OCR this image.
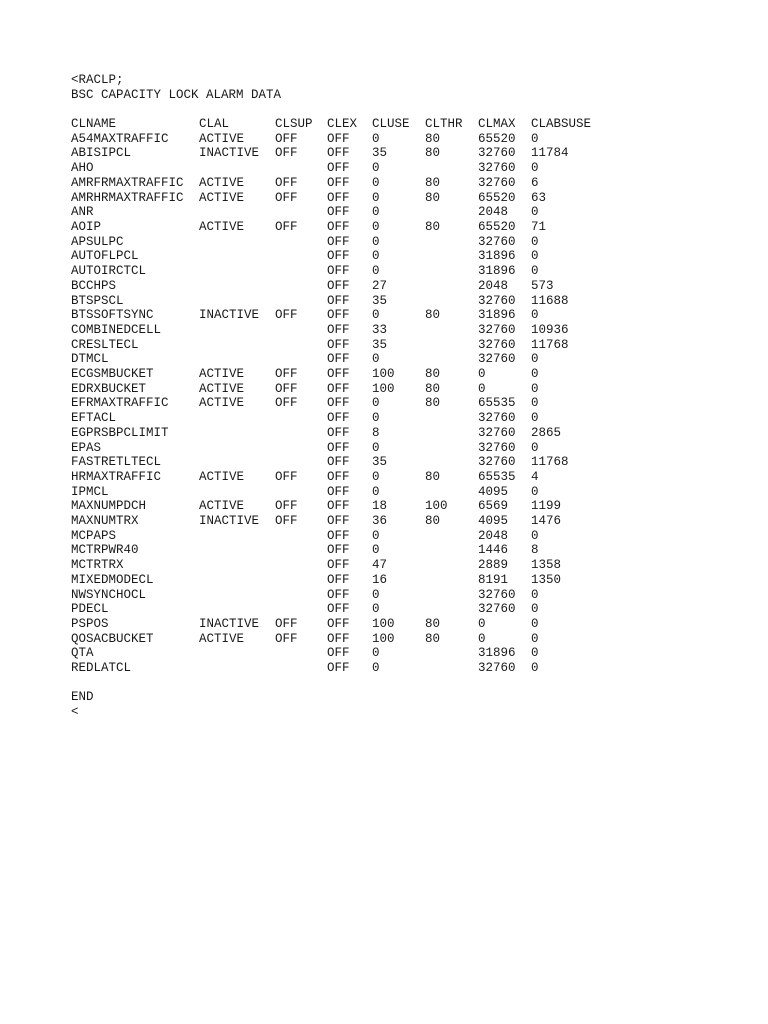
<RACLP;
BSC CAPACITY LOCK ALARM DATA
CLNAME	CLAL	CLSUP	CLEX	CLUSE	CLTHR	CLMAX	CLABSUSE
A54MAXTRAFFIC	ACTIVE	OFF	OFF	0	80	65520	0
ABISIPCL	INACTIVE	OFF	OFF	35	80	32760	11784
AHO			OFF	0		32760	0
AMRFRMAXTRAFFIC	ACTIVE	OFF	OFF	0	80	32760	6
AMRHRMAXTRAFFIC	ACTIVE	OFF	OFF	0	80	65520	63
ANR			OFF	0		2048	0
AOIP	ACTIVE	OFF	OFF	0	80	65520	71
APSULPC			OFF	0		32760	0
AUTOFLPCL			OFF	0		31896	0
AUTOIRCTCL			OFF	0		31896	0
BCCHPS			OFF	27		2048	573
BTSPSCL			OFF	35		32760	11688
BTSSOFTSYNC	INACTIVE	OFF	OFF	0	80	31896	0
COMBINEDCELL			OFF	33		32760	10936
CRESLTECL			OFF	35		32760	11768
DTMCL			OFF	0		32760	0
ECGSMBUCKET	ACTIVE	OFF	OFF	100	80	0	0
EDRXBUCKET	ACTIVE	OFF	OFF	100	80	0	0
EFRMAXTRAFFIC	ACTIVE	OFF	OFF	0	80	65535	0
EFTACL			OFF	0		32760	0
EGPRSBPCLIMIT			OFF	8		32760	2865
EPAS			OFF	0		32760	0
FASTRETLTECL			OFF	35		32760	11768
HRMAXTRAFFIC	ACTIVE	OFF	OFF	0	80	65535	4
IPMCL			OFF	0		4095	0
MAXNUMPDCH	ACTIVE	OFF	OFF	18	100	6569	1199
MAXNUMTRX	INACTIVE	OFF	OFF	36	80	4095	1476
MCPAPS			OFF	0		2048	0
MCTRPWR40			OFF	0		1446	8
MCTRTRX			OFF	47		2889	1358
MIXEDMODECL			OFF	16		8191	1350
NWSYNCHOCL			OFF	0		32760	0
PDECL			OFF	0		32760	0
PSPOS	INACTIVE	OFF	OFF	100	80	0	0
QOSACBUCKET	ACTIVE	OFF	OFF	100	80	0	0
QTA			OFF	0		31896	0
REDLATCL			OFF	0		32760	0
END
<
